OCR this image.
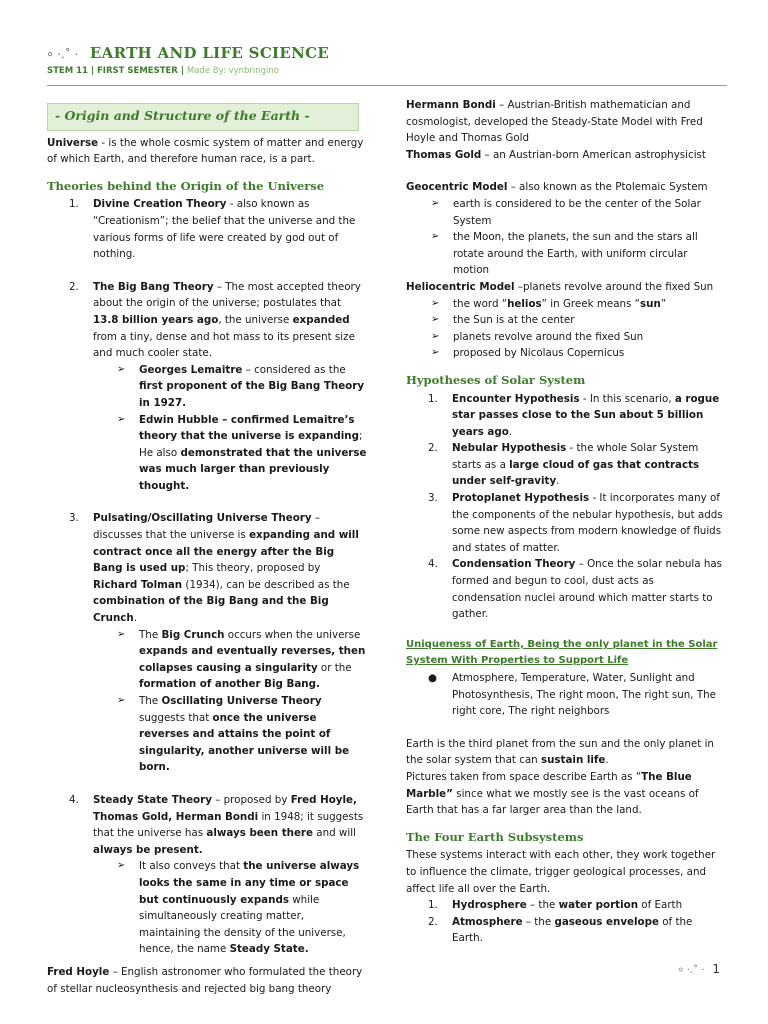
⸰ ·.˚ · EARTH AND LIFE SCIENCE
STEM 11 | FIRST SEMESTER | Made By: vynbringino
- Origin and Structure of the Earth -

Universe - is the whole cosmic system of matter and energy of which Earth, and therefore human race, is a part.

Theories behind the Origin of the Universe
1.	Divine Creation Theory - also known as “Creationism”; the belief that the universe and the various forms of life were created by god out of nothing.
2.	The Big Bang Theory – The most accepted theory about the origin of the universe; postulates that 13.8 billion years ago, the universe expanded from a tiny, dense and hot mass to its present size and much cooler state.
➢	Georges Lemaitre – considered as the first proponent of the Big Bang Theory in 1927.
➢	Edwin Hubble – confirmed Lemaitre’s theory that the universe is expanding; He also demonstrated that the universe was much larger than previously thought.
3.	Pulsating/Oscillating Universe Theory – discusses that the universe is expanding and will contract once all the energy after the Big Bang is used up; This theory, proposed by Richard Tolman (1934), can be described as the combination of the Big Bang and the Big Crunch.
➢	The Big Crunch occurs when the universe expands and eventually reverses, then collapses causing a singularity or the formation of another Big Bang.
➢	The Oscillating Universe Theory suggests that once the universe reverses and attains the point of singularity, another universe will be born.
4.	Steady State Theory – proposed by Fred Hoyle, Thomas Gold, Herman Bondi in 1948; it suggests that the universe has always been there and will always be present.
➢	It also conveys that the universe always looks the same in any time or space but continuously expands while simultaneously creating matter, maintaining the density of the universe, hence, the name Steady State.

Fred Hoyle – English astronomer who formulated the theory of stellar nucleosynthesis and rejected big bang theory

Hermann Bondi – Austrian-British mathematician and cosmologist, developed the Steady-State Model with Fred Hoyle and Thomas Gold

Thomas Gold – an Austrian-born American astrophysicist

Geocentric Model – also known as the Ptolemaic System

➢	earth is considered to be the center of the Solar System
➢	the Moon, the planets, the sun and the stars all rotate around the Earth, with uniform circular motion

Heliocentric Model –planets revolve around the fixed Sun

➢	the word “helios” in Greek means “sun”
➢	the Sun is at the center
➢	planets revolve around the fixed Sun
➢	proposed by Nicolaus Copernicus
Hypotheses of Solar System
1.	Encounter Hypothesis - In this scenario, a rogue star passes close to the Sun about 5 billion years ago.
2.	Nebular Hypothesis - the whole Solar System starts as a large cloud of gas that contracts under self-gravity.
3.	Protoplanet Hypothesis - It incorporates many of the components of the nebular hypothesis, but adds some new aspects from modern knowledge of fluids and states of matter.
4.	Condensation Theory – Once the solar nebula has formed and begun to cool, dust acts as condensation nuclei around which matter starts to gather.
Uniqueness of Earth, Being the only planet in the Solar System With Properties to Support Life
●	Atmosphere, Temperature, Water, Sunlight and Photosynthesis, The right moon, The right sun, The right core, The right neighbors

Earth is the third planet from the sun and the only planet in the solar system that can sustain life.

Pictures taken from space describe Earth as “The Blue Marble” since what we mostly see is the vast oceans of Earth that has a far larger area than the land.

The Four Earth Subsystems

These systems interact with each other, they work together to influence the climate, trigger geological processes, and affect life all over the Earth.

1.	Hydrosphere – the water portion of Earth
2.	Atmosphere – the gaseous envelope of the Earth.
⸰ ·.˚ · 1
